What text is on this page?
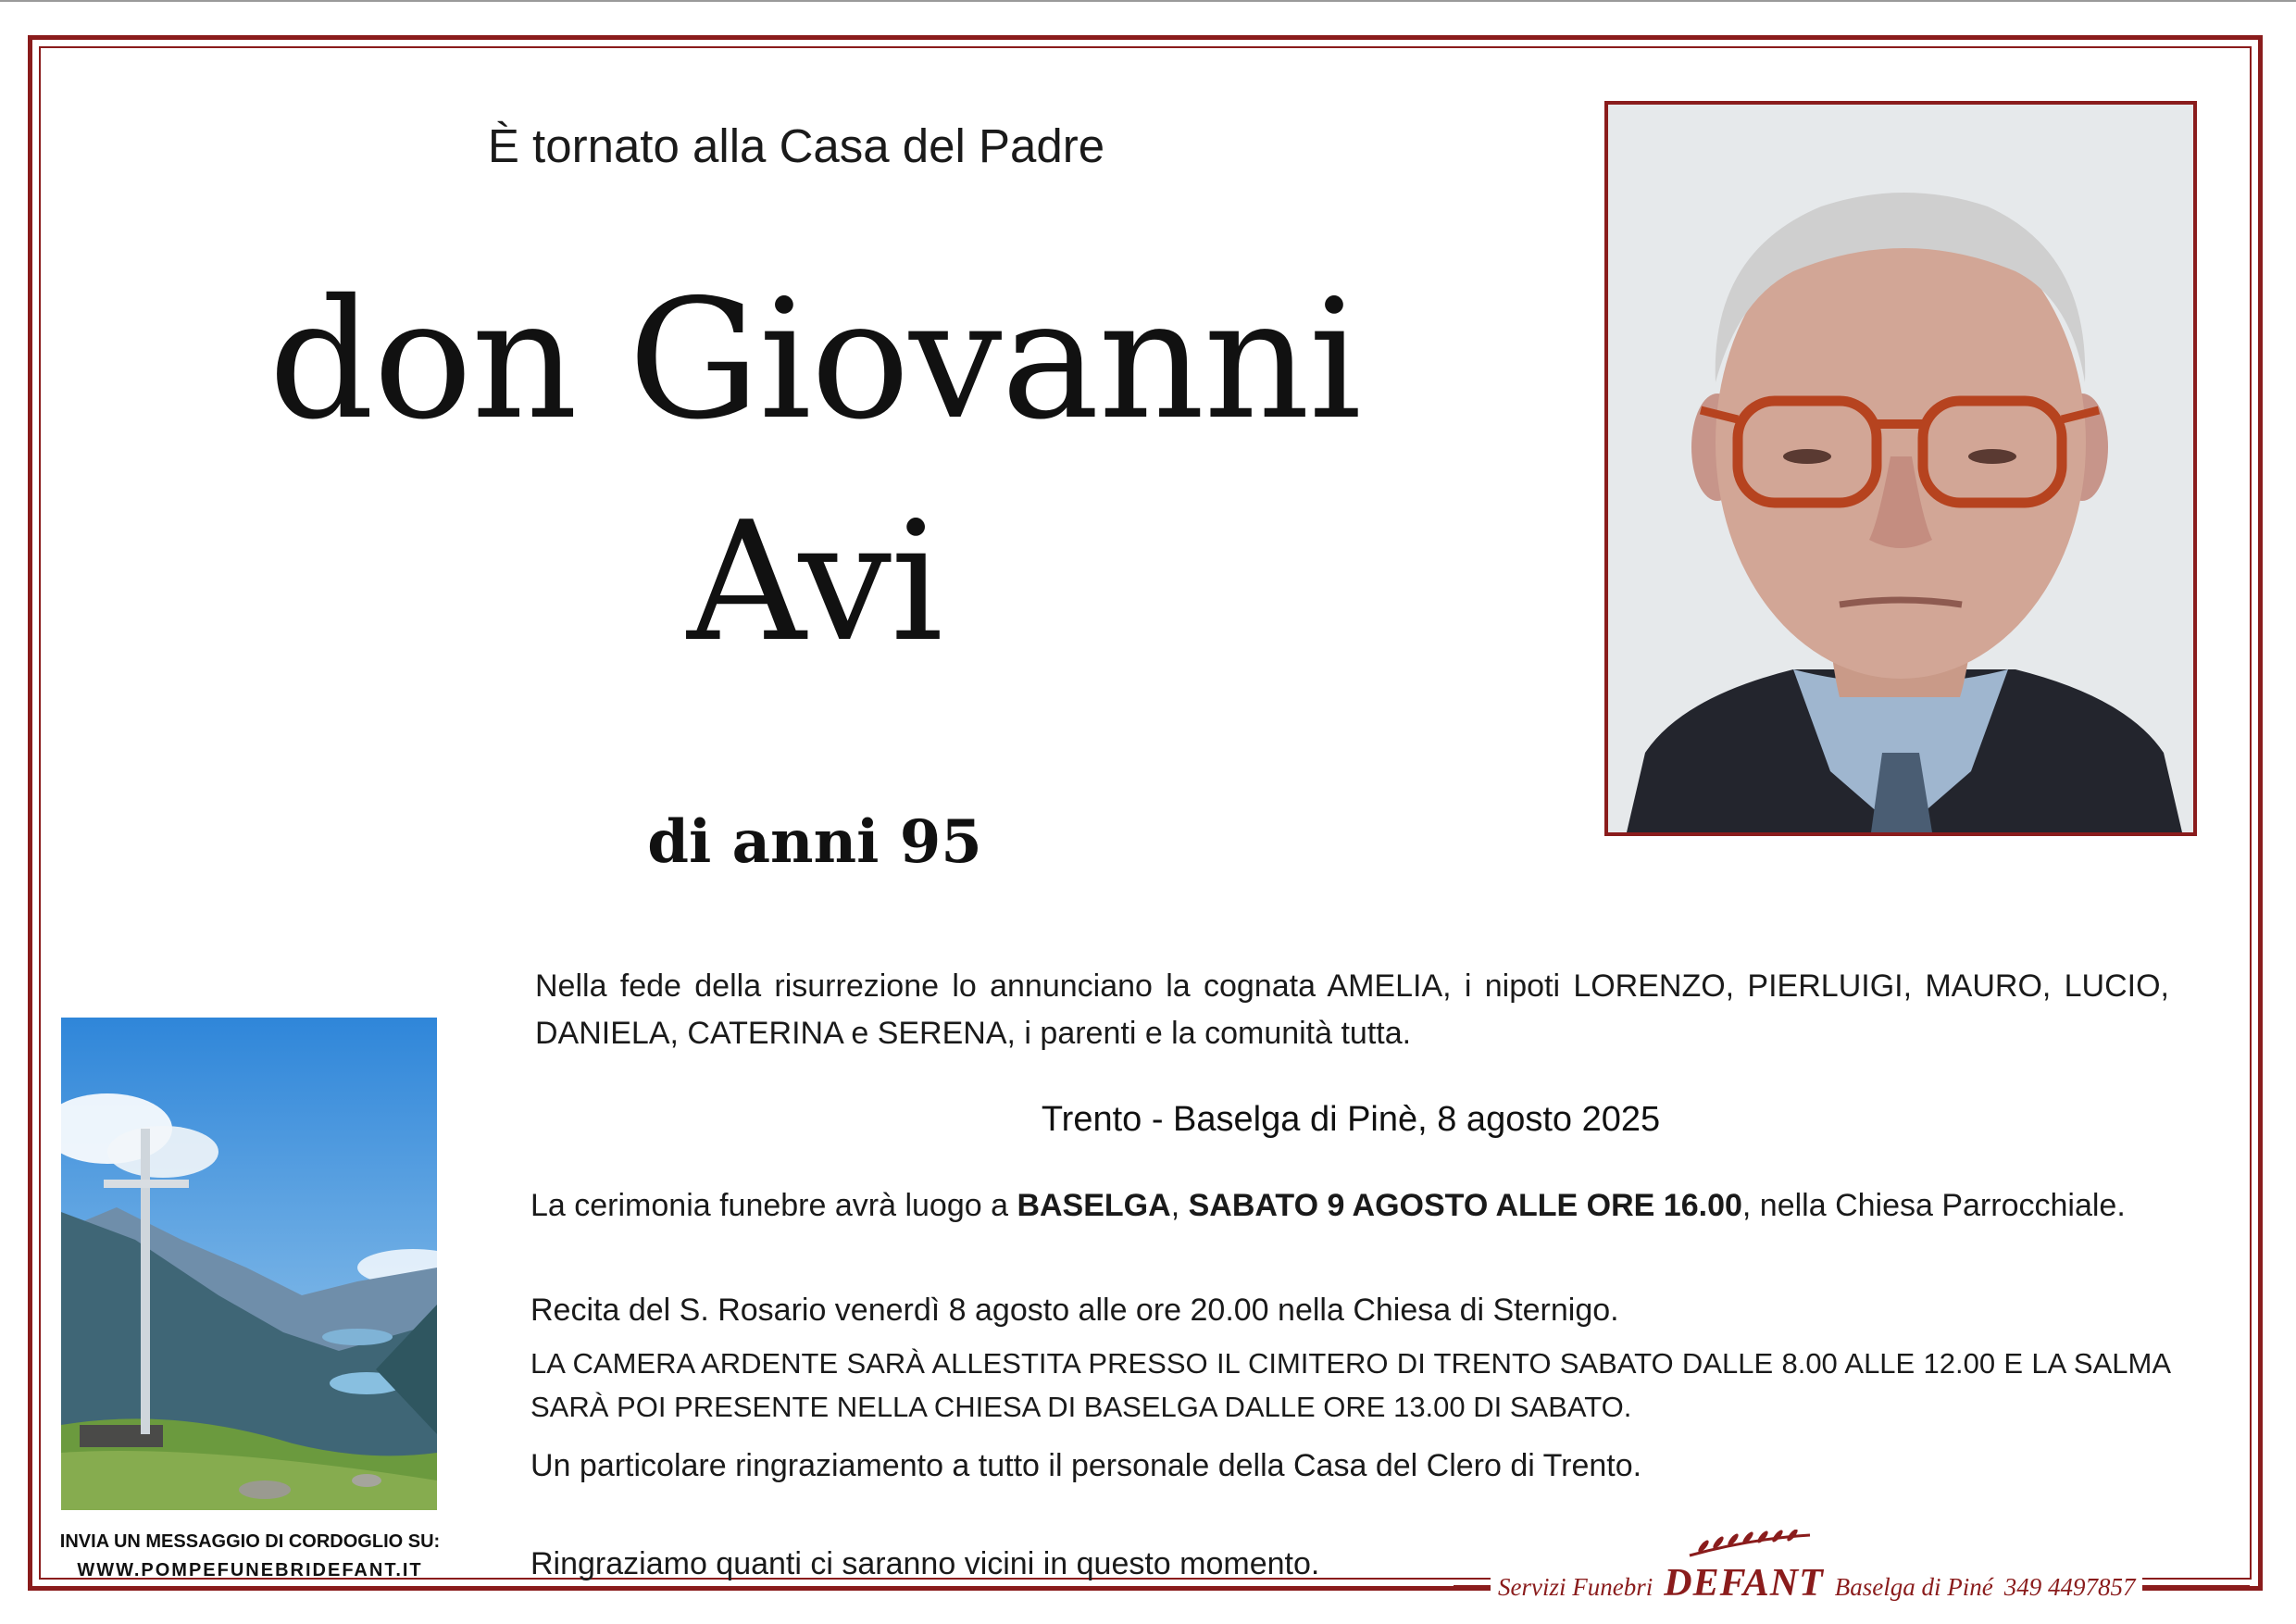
È tornato alla Casa del Padre
don Giovanni
Avi
di anni 95
INVIA UN MESSAGGIO DI CORDOGLIO SU:
WWW.POMPEFUNEBRIDEFANT.IT
Nella fede della risurrezione lo annunciano la cognata AMELIA, i nipoti LORENZO, PIERLUIGI, MAURO, LUCIO, DANIELA, CATERINA e SERENA, i parenti e la comunità tutta.
Trento - Baselga di Pinè, 8 agosto 2025
La cerimonia funebre avrà luogo a BASELGA, SABATO 9 AGOSTO ALLE ORE 16.00, nella Chiesa Parrocchiale.
Recita del S. Rosario venerdì 8 agosto alle ore 20.00 nella Chiesa di Sternigo.
LA CAMERA ARDENTE SARÀ ALLESTITA PRESSO IL CIMITERO DI TRENTO SABATO DALLE 8.00 ALLE 12.00 E LA SALMA SARÀ POI PRESENTE NELLA CHIESA DI BASELGA DALLE ORE 13.00 DI SABATO.
Un particolare ringraziamento a tutto il personale della Casa del Clero di Trento.
Ringraziamo quanti ci saranno vicini in questo momento.
Servizi Funebri DEFANT Baselga di Piné 349 4497857
